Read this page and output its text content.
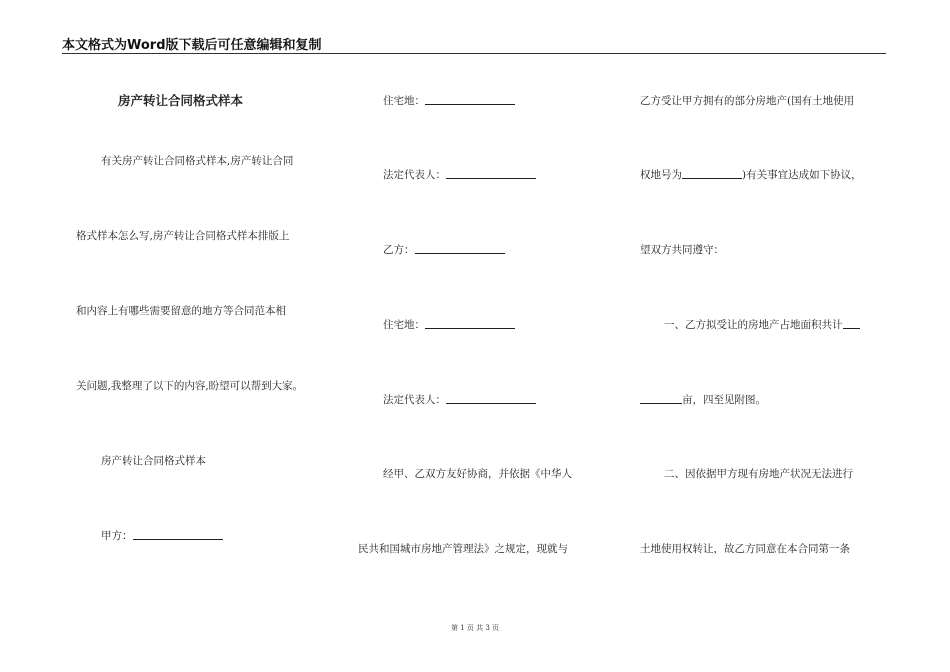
本文格式为Word版下载后可任意编辑和复制
房产转让合同格式样本
有关房产转让合同格式样本,房产转让合同
格式样本怎么写,房产转让合同格式样本排版上
和内容上有哪些需要留意的地方等合同范本相
关问题,我整理了以下的内容,盼望可以帮到大家。
房产转让合同格式样本
甲方：
住宅地：
法定代表人：
乙方：
住宅地：
法定代表人：
经甲、乙双方友好协商，并依据《中华人
民共和国城市房地产管理法》之规定，现就与
乙方受让甲方拥有的部分房地产(国有土地使用
权地号为	)有关事宜达成如下协议，
望双方共同遵守：
一、乙方拟受让的房地产占地面积共计
亩，四至见附图。
二、因依据甲方现有房地产状况无法进行
土地使用权转让，故乙方同意在本合同第一条
第 1 页 共 3 页
